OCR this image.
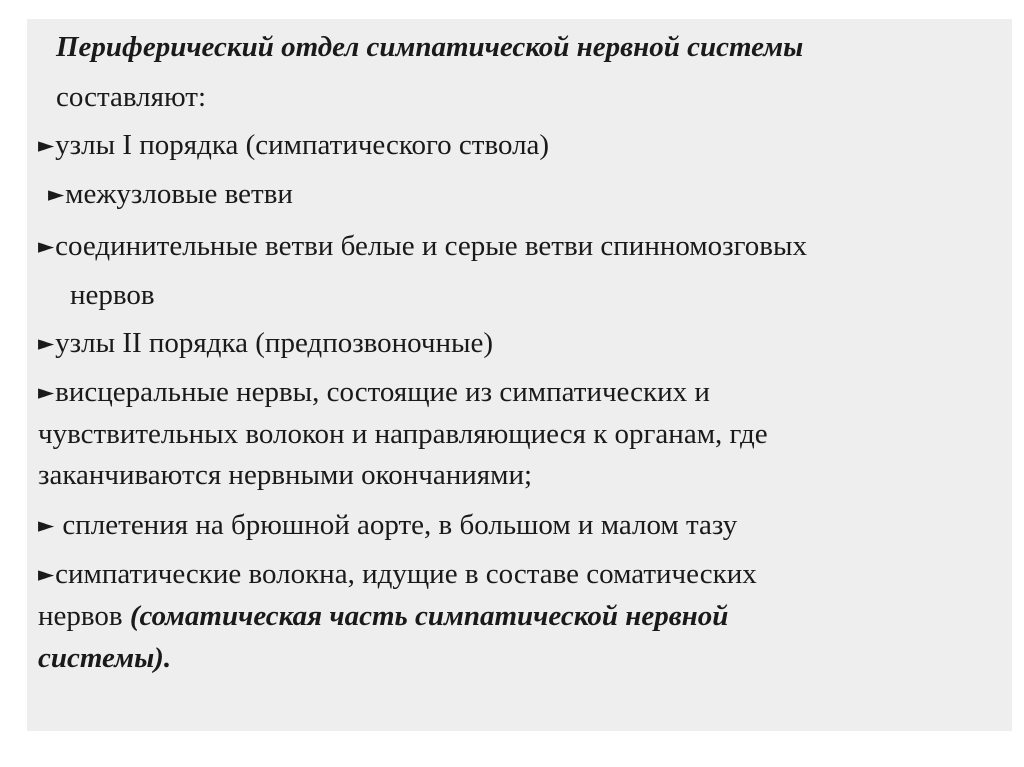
Периферический отдел симпатической нервной системы
составляют:
►узлы I порядка (симпатического ствола)
►межузловые ветви
►соединительные ветви белые и серые ветви спинномозговых
нервов
►узлы II порядка (предпозвоночные)
►висцеральные нервы, состоящие из симпатических и
чувствительных волокон и направляющиеся к органам, где
заканчиваются нервными окончаниями;
► сплетения на брюшной аорте, в большом и малом тазу
►симпатические волокна, идущие в составе соматических
нервов (соматическая часть симпатической нервной
системы).
